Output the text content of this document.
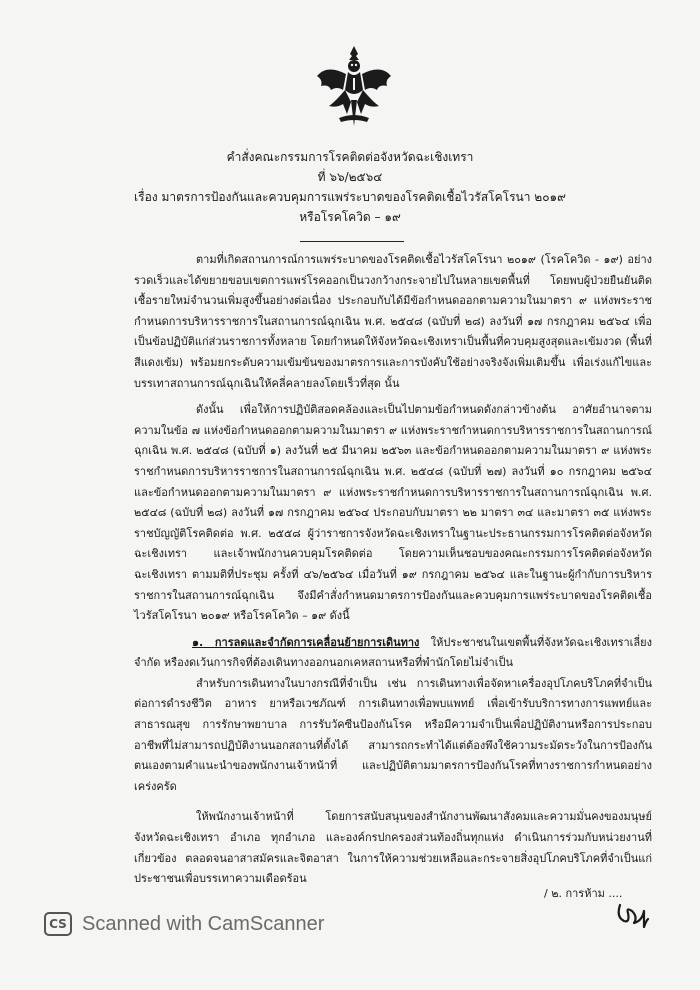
คำสั่งคณะกรรมการโรคติดต่อจังหวัดฉะเชิงเทรา
ที่ ๖๖/๒๕๖๔
เรื่อง มาตรการป้องกันและควบคุมการแพร่ระบาดของโรคติดเชื้อไวรัสโคโรนา ๒๐๑๙
หรือโรคโควิด – ๑๙

ตามที่เกิดสถานการณ์การแพร่ระบาดของโรคติดเชื้อไวรัสโคโรนา ๒๐๑๙ (โรคโควิด - ๑๙) อย่างรวดเร็วและได้ขยายขอบเขตการแพร่โรคออกเป็นวงกว้างกระจายไปในหลายเขตพื้นที่ โดยพบผู้ป่วยยืนยันติดเชื้อรายใหม่จำนวนเพิ่มสูงขึ้นอย่างต่อเนื่อง ประกอบกับได้มีข้อกำหนดออกตามความในมาตรา ๙ แห่งพระราชกำหนดการบริหารราชการในสถานการณ์ฉุกเฉิน พ.ศ. ๒๕๔๘ (ฉบับที่ ๒๘) ลงวันที่ ๑๗ กรกฎาคม ๒๕๖๔ เพื่อเป็นข้อปฏิบัติแก่ส่วนราชการทั้งหลาย โดยกำหนดให้จังหวัดฉะเชิงเทราเป็นพื้นที่ควบคุมสูงสุดและเข้มงวด (พื้นที่สีแดงเข้ม) พร้อมยกระดับความเข้มข้นของมาตรการและการบังคับใช้อย่างจริงจังเพิ่มเติมขึ้น เพื่อเร่งแก้ไขและบรรเทาสถานการณ์ฉุกเฉินให้คลี่คลายลงโดยเร็วที่สุด นั้น

ดังนั้น เพื่อให้การปฏิบัติสอดคล้องและเป็นไปตามข้อกำหนดดังกล่าวข้างต้น อาศัยอำนาจตามความในข้อ ๗ แห่งข้อกำหนดออกตามความในมาตรา ๙ แห่งพระราชกำหนดการบริหารราชการในสถานการณ์ฉุกเฉิน พ.ศ. ๒๕๔๘ (ฉบับที่ ๑) ลงวันที่ ๒๕ มีนาคม ๒๕๖๓ และข้อกำหนดออกตามความในมาตรา ๙ แห่งพระราชกำหนดการบริหารราชการในสถานการณ์ฉุกเฉิน พ.ศ. ๒๕๔๘ (ฉบับที่ ๒๗) ลงวันที่ ๑๐ กรกฎาคม ๒๕๖๔ และข้อกำหนดออกตามความในมาตรา ๙ แห่งพระราชกำหนดการบริหารราชการในสถานการณ์ฉุกเฉิน พ.ศ. ๒๕๔๘ (ฉบับที่ ๒๘) ลงวันที่ ๑๗ กรกฎาคม ๒๕๖๔ ประกอบกับมาตรา ๒๒ มาตรา ๓๔ และมาตรา ๓๕ แห่งพระราชบัญญัติโรคติดต่อ พ.ศ. ๒๕๕๘ ผู้ว่าราชการจังหวัดฉะเชิงเทราในฐานะประธานกรรมการโรคติดต่อจังหวัดฉะเชิงเทรา และเจ้าพนักงานควบคุมโรคติดต่อ โดยความเห็นชอบของคณะกรรมการโรคติดต่อจังหวัดฉะเชิงเทรา ตามมติที่ประชุม ครั้งที่ ๔๖/๒๕๖๔ เมื่อวันที่ ๑๙ กรกฎาคม ๒๕๖๔ และในฐานะผู้กำกับการบริหารราชการในสถานการณ์ฉุกเฉิน จึงมีคำสั่งกำหนดมาตรการป้องกันและควบคุมการแพร่ระบาดของโรคติดเชื้อไวรัสโคโรนา ๒๐๑๙ หรือโรคโควิด – ๑๙ ดังนี้

๑. การลดและจำกัดการเคลื่อนย้ายการเดินทาง ให้ประชาชนในเขตพื้นที่จังหวัดฉะเชิงเทราเลี่ยง จำกัด หรืองดเว้นการกิจที่ต้องเดินทางออกนอกเคหสถานหรือที่พำนักโดยไม่จำเป็น

สำหรับการเดินทางในบางกรณีที่จำเป็น เช่น การเดินทางเพื่อจัดหาเครื่องอุปโภคบริโภคที่จำเป็นต่อการดำรงชีวิต อาหาร ยาหรือเวชภัณฑ์ การเดินทางเพื่อพบแพทย์ เพื่อเข้ารับบริการทางการแพทย์และสาธารณสุข การรักษาพยาบาล การรับวัคซีนป้องกันโรค หรือมีความจำเป็นเพื่อปฏิบัติงานหรือการประกอบอาชีพที่ไม่สามารถปฏิบัติงานนอกสถานที่ตั้งได้ สามารถกระทำได้แต่ต้องพึงใช้ความระมัดระวังในการป้องกันตนเองตามคำแนะนำของพนักงานเจ้าหน้าที่ และปฏิบัติตามมาตรการป้องกันโรคที่ทางราชการกำหนดอย่างเคร่งครัด

ให้พนักงานเจ้าหน้าที่ โดยการสนับสนุนของสำนักงานพัฒนาสังคมและความมั่นคงของมนุษย์จังหวัดฉะเชิงเทรา อำเภอ ทุกอำเภอ และองค์กรปกครองส่วนท้องถิ่นทุกแห่ง ดำเนินการร่วมกับหน่วยงานที่เกี่ยวข้อง ตลอดจนอาสาสมัครและจิตอาสา ในการให้ความช่วยเหลือและกระจายสิ่งอุปโภคบริโภคที่จำเป็นแก่ประชาชนเพื่อบรรเทาความเดือดร้อน

/ ๒. การห้าม ....
CS Scanned with CamScanner
